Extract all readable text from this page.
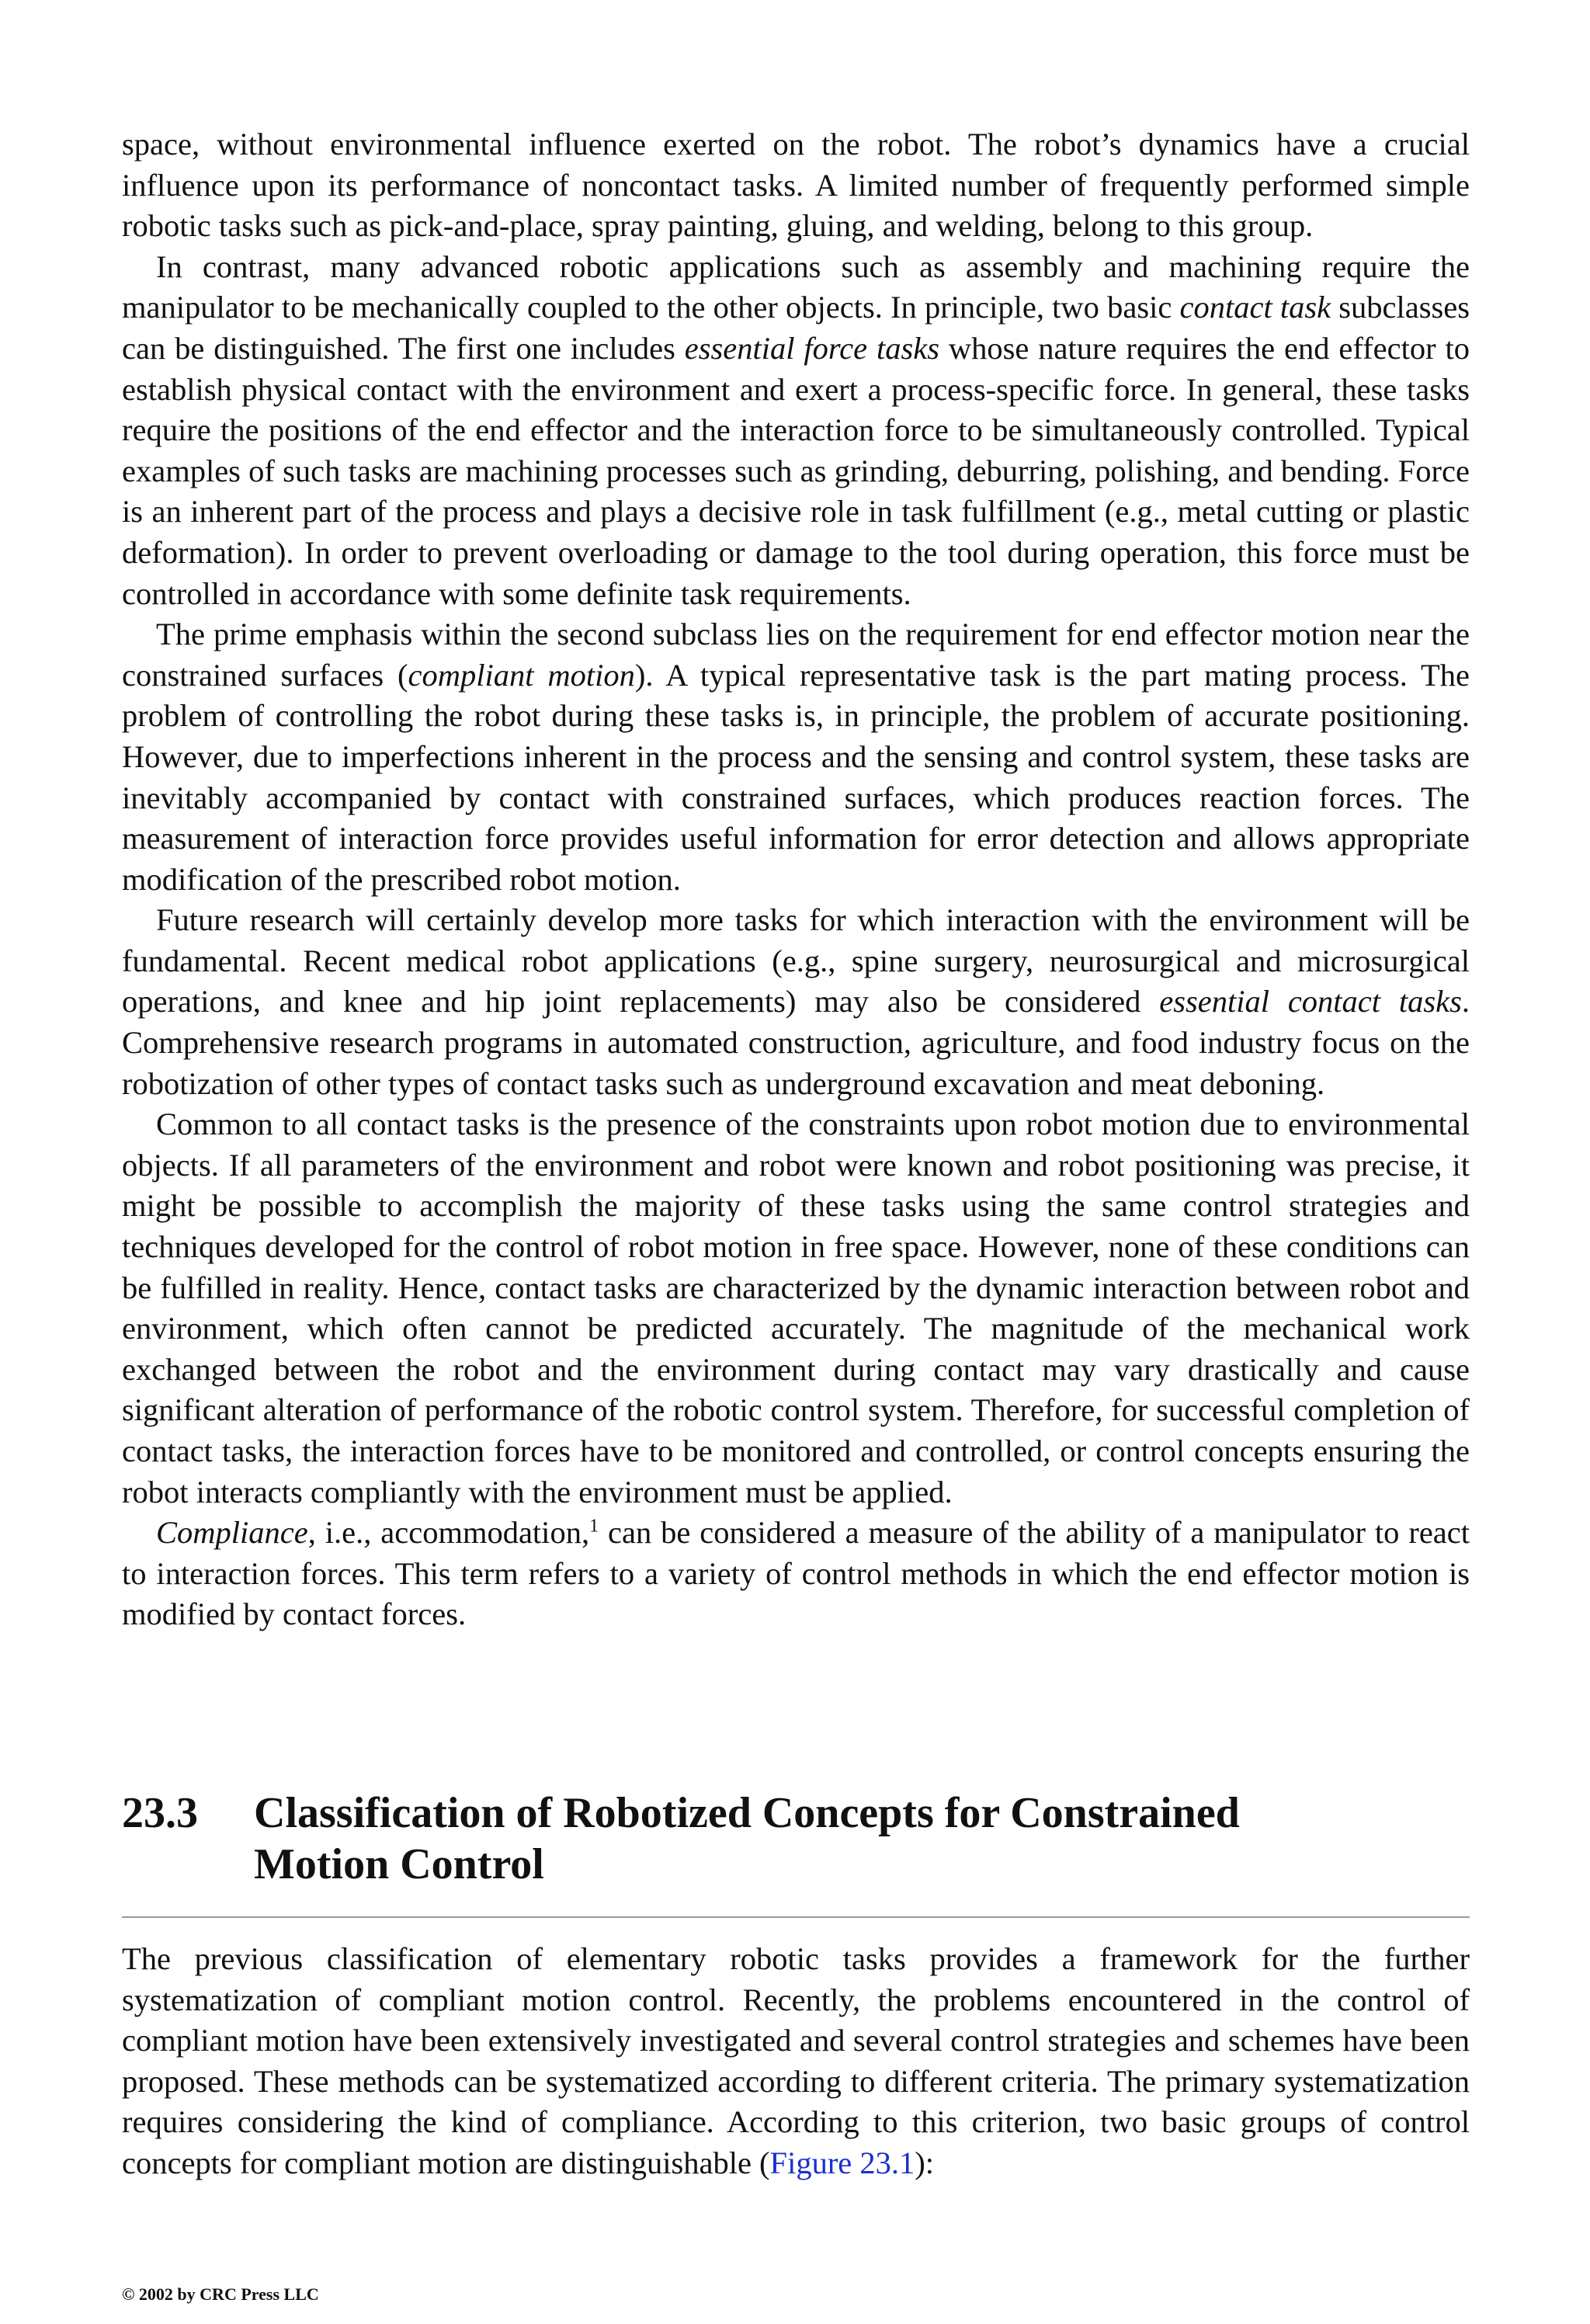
space, without environmental influence exerted on the robot. The robot’s dynamics have a crucial influence upon its performance of noncontact tasks. A limited number of frequently performed simple robotic tasks such as pick-and-place, spray painting, gluing, and welding, belong to this group.

In contrast, many advanced robotic applications such as assembly and machining require the manipulator to be mechanically coupled to the other objects. In principle, two basic contact task subclasses can be distinguished. The first one includes essential force tasks whose nature requires the end effector to establish physical contact with the environment and exert a process-specific force. In general, these tasks require the positions of the end effector and the interaction force to be simultaneously controlled. Typical examples of such tasks are machining processes such as grinding, deburring, polishing, and bending. Force is an inherent part of the process and plays a decisive role in task fulfillment (e.g., metal cutting or plastic deformation). In order to prevent overloading or damage to the tool during operation, this force must be controlled in accordance with some definite task requirements.

The prime emphasis within the second subclass lies on the requirement for end effector motion near the constrained surfaces (compliant motion). A typical representative task is the part mating process. The problem of controlling the robot during these tasks is, in principle, the problem of accurate positioning. However, due to imperfections inherent in the process and the sensing and control system, these tasks are inevitably accompanied by contact with constrained surfaces, which produces reaction forces. The measurement of interaction force provides useful information for error detection and allows appropriate modification of the prescribed robot motion.

Future research will certainly develop more tasks for which interaction with the environment will be fundamental. Recent medical robot applications (e.g., spine surgery, neurosurgical and microsurgical operations, and knee and hip joint replacements) may also be considered essential contact tasks. Comprehensive research programs in automated construction, agriculture, and food industry focus on the robotization of other types of contact tasks such as underground excavation and meat deboning.

Common to all contact tasks is the presence of the constraints upon robot motion due to environmental objects. If all parameters of the environment and robot were known and robot positioning was precise, it might be possible to accomplish the majority of these tasks using the same control strategies and techniques developed for the control of robot motion in free space. However, none of these conditions can be fulfilled in reality. Hence, contact tasks are characterized by the dynamic interaction between robot and environment, which often cannot be predicted accurately. The magnitude of the mechanical work exchanged between the robot and the environment during contact may vary drastically and cause significant alteration of performance of the robotic control system. Therefore, for successful completion of contact tasks, the interaction forces have to be monitored and controlled, or control concepts ensuring the robot interacts compliantly with the environment must be applied.

Compliance, i.e., accommodation,$^1$ can be considered a measure of the ability of a manipulator to react to interaction forces. This term refers to a variety of control methods in which the end effector motion is modified by contact forces.

23.3 Classification of Robotized Concepts for Constrained
Motion Control

The previous classification of elementary robotic tasks provides a framework for the further systematization of compliant motion control. Recently, the problems encountered in the control of compliant motion have been extensively investigated and several control strategies and schemes have been proposed. These methods can be systematized according to different criteria. The primary systematization requires considering the kind of compliance. According to this criterion, two basic groups of control concepts for compliant motion are distinguishable (Figure 23.1):

© 2002 by CRC Press LLC
